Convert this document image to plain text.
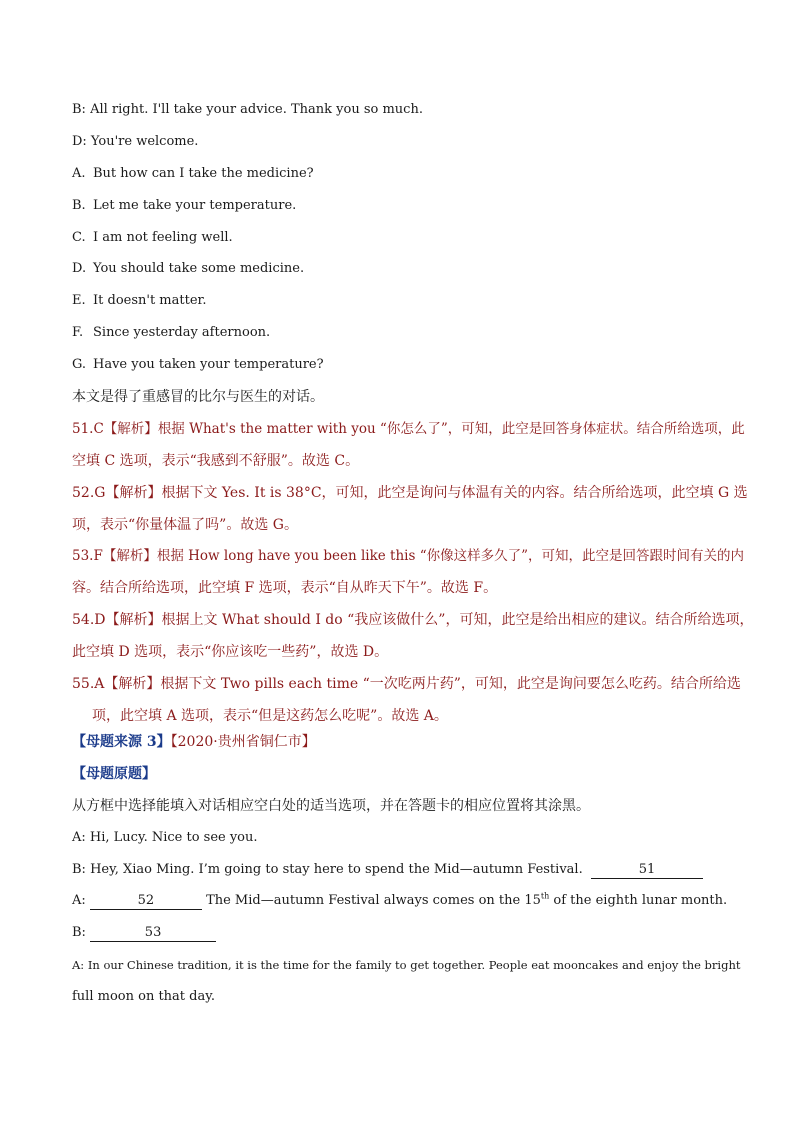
B: All right. I'll take your advice. Thank you so much.
D: You're welcome.
A. But how can I take the medicine?
B. Let me take your temperature.
C. I am not feeling well.
D. You should take some medicine.
E. It doesn't matter.
F. Since yesterday afternoon.
G. Have you taken your temperature?
本文是得了重感冒的比尔与医生的对话。
51.C【解析】根据 What's the matter with you “你怎么了”，可知，此空是回答身体症状。结合所给选项，此
空填 C 选项，表示“我感到不舒服”。故选 C。
52.G【解析】根据下文 Yes. It is 38°C，可知，此空是询问与体温有关的内容。结合所给选项，此空填 G 选
项，表示“你量体温了吗”。故选 G。
53.F【解析】根据 How long have you been like this “你像这样多久了”，可知，此空是回答跟时间有关的内
容。结合所给选项，此空填 F 选项，表示“自从昨天下午”。故选 F。
54.D【解析】根据上文 What should I do “我应该做什么”，可知，此空是给出相应的建议。结合所给选项，
此空填 D 选项，表示“你应该吃一些药”，故选 D。
55.A【解析】根据下文 Two pills each time “一次吃两片药”，可知，此空是询问要怎么吃药。结合所给选
项，此空填 A 选项，表示“但是这药怎么吃呢”。故选 A。
【母题来源 3】【2020·贵州省铜仁市】
【母题原题】
从方框中选择能填入对话相应空白处的适当选项，并在答题卡的相应位置将其涂黑。
A: Hi, Lucy. Nice to see you.
B: Hey, Xiao Ming. I’m going to stay here to spend the Mid—autumn Festival.	51
A:	52	The Mid—autumn Festival always comes on the 15th of the eighth lunar month.
B:	53
A: In our Chinese tradition, it is the time for the family to get together. People eat mooncakes and enjoy the bright
full moon on that day.
